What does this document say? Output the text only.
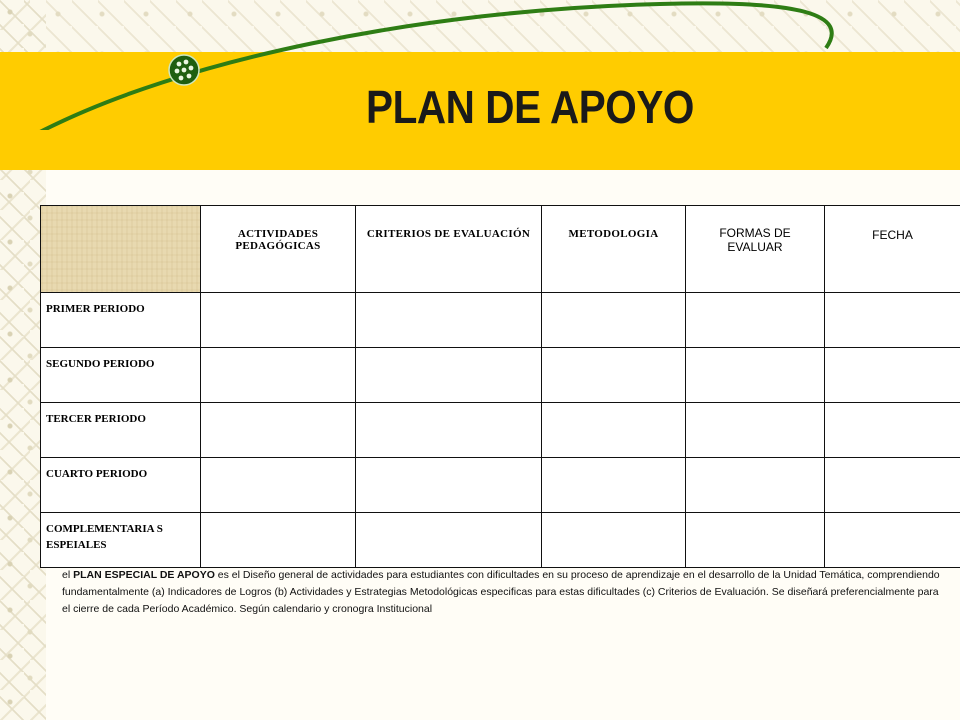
PLAN DE APOYO
	ACTIVIDADES PEDAGÓGICAS	CRITERIOS DE EVALUACIÓN	METODOLOGIA	FORMAS DE EVALUAR	FECHA
PRIMER PERIODO					
SEGUNDO PERIODO					
TERCER PERIODO					
CUARTO PERIODO					
COMPLEMENTARIA S ESPEIALES					
el PLAN ESPECIAL DE APOYO es el Diseño general de actividades para estudiantes con dificultades en su proceso de aprendizaje en el desarrollo de la Unidad Temática, comprendiendo fundamentalmente (a) Indicadores de Logros (b) Actividades y Estrategias Metodológicas especificas para estas dificultades (c) Criterios de Evaluación. Se diseñará preferencialmente para el cierre de cada Período Académico. Según calendario y cronogra Institucional
